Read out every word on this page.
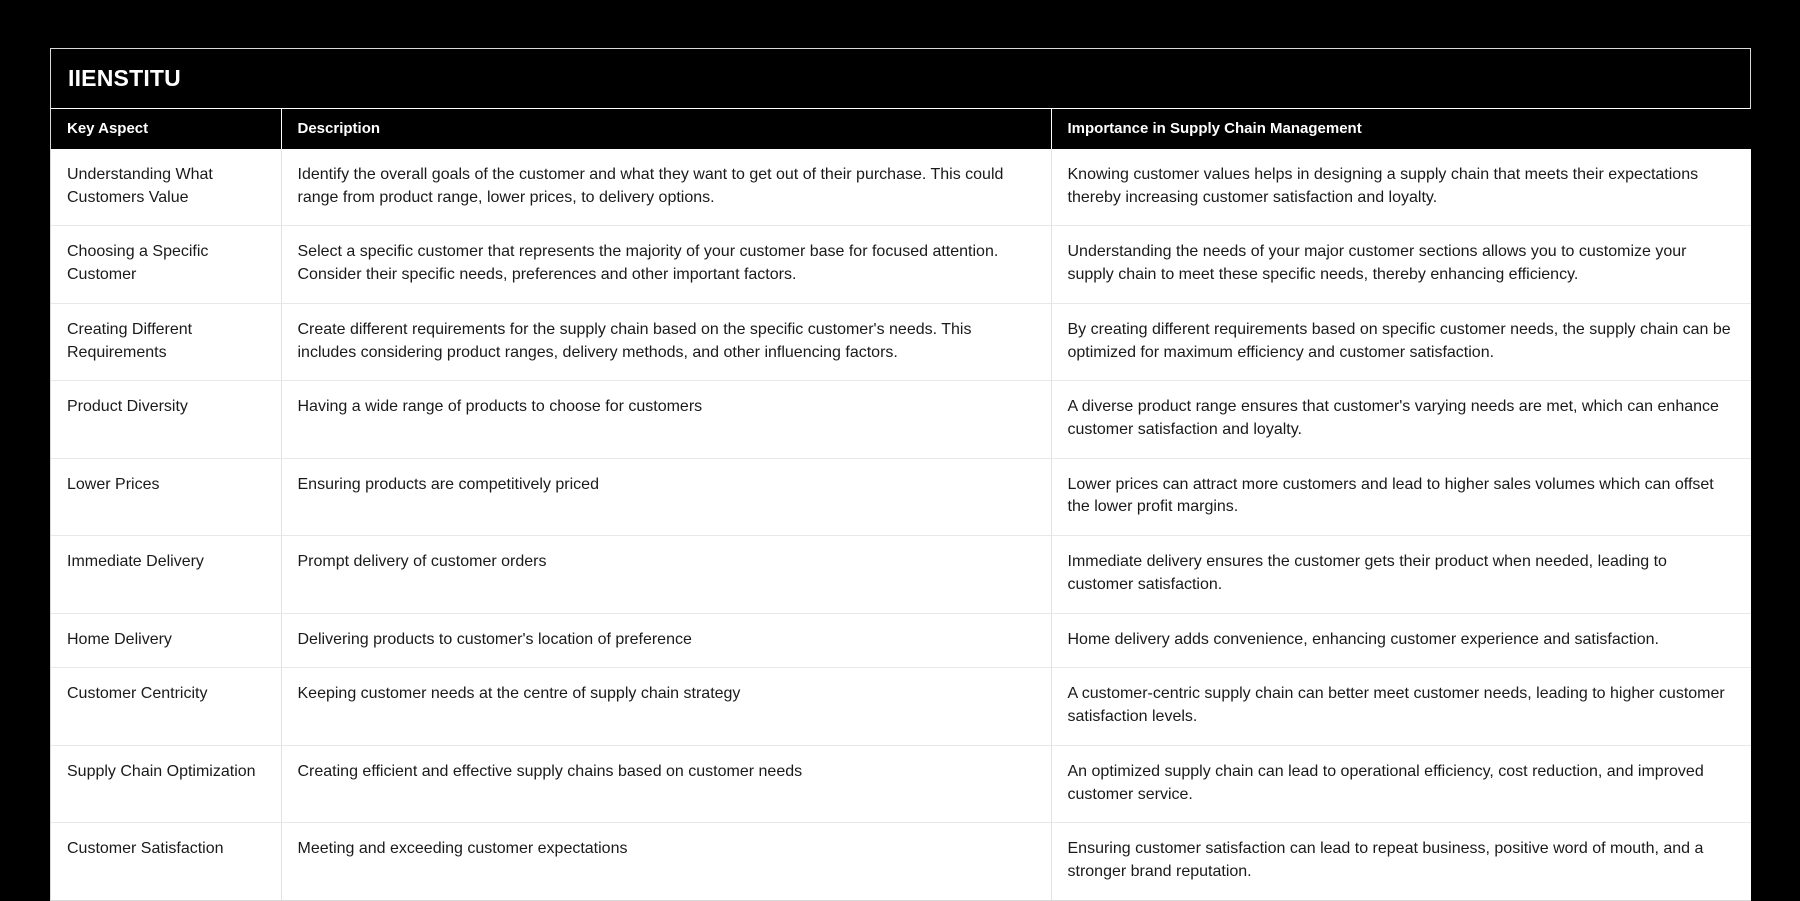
IIENSTITU
Key Aspect	Description	Importance in Supply Chain Management
Understanding What Customers Value	Identify the overall goals of the customer and what they want to get out of their purchase. This could range from product range, lower prices, to delivery options.	Knowing customer values helps in designing a supply chain that meets their expectations thereby increasing customer satisfaction and loyalty.
Choosing a Specific Customer	Select a specific customer that represents the majority of your customer base for focused attention. Consider their specific needs, preferences and other important factors.	Understanding the needs of your major customer sections allows you to customize your supply chain to meet these specific needs, thereby enhancing efficiency.
Creating Different Requirements	Create different requirements for the supply chain based on the specific customer's needs. This includes considering product ranges, delivery methods, and other influencing factors.	By creating different requirements based on specific customer needs, the supply chain can be optimized for maximum efficiency and customer satisfaction.
Product Diversity	Having a wide range of products to choose for customers	A diverse product range ensures that customer's varying needs are met, which can enhance customer satisfaction and loyalty.
Lower Prices	Ensuring products are competitively priced	Lower prices can attract more customers and lead to higher sales volumes which can offset the lower profit margins.
Immediate Delivery	Prompt delivery of customer orders	Immediate delivery ensures the customer gets their product when needed, leading to customer satisfaction.
Home Delivery	Delivering products to customer's location of preference	Home delivery adds convenience, enhancing customer experience and satisfaction.
Customer Centricity	Keeping customer needs at the centre of supply chain strategy	A customer-centric supply chain can better meet customer needs, leading to higher customer satisfaction levels.
Supply Chain Optimization	Creating efficient and effective supply chains based on customer needs	An optimized supply chain can lead to operational efficiency, cost reduction, and improved customer service.
Customer Satisfaction	Meeting and exceeding customer expectations	Ensuring customer satisfaction can lead to repeat business, positive word of mouth, and a stronger brand reputation.
